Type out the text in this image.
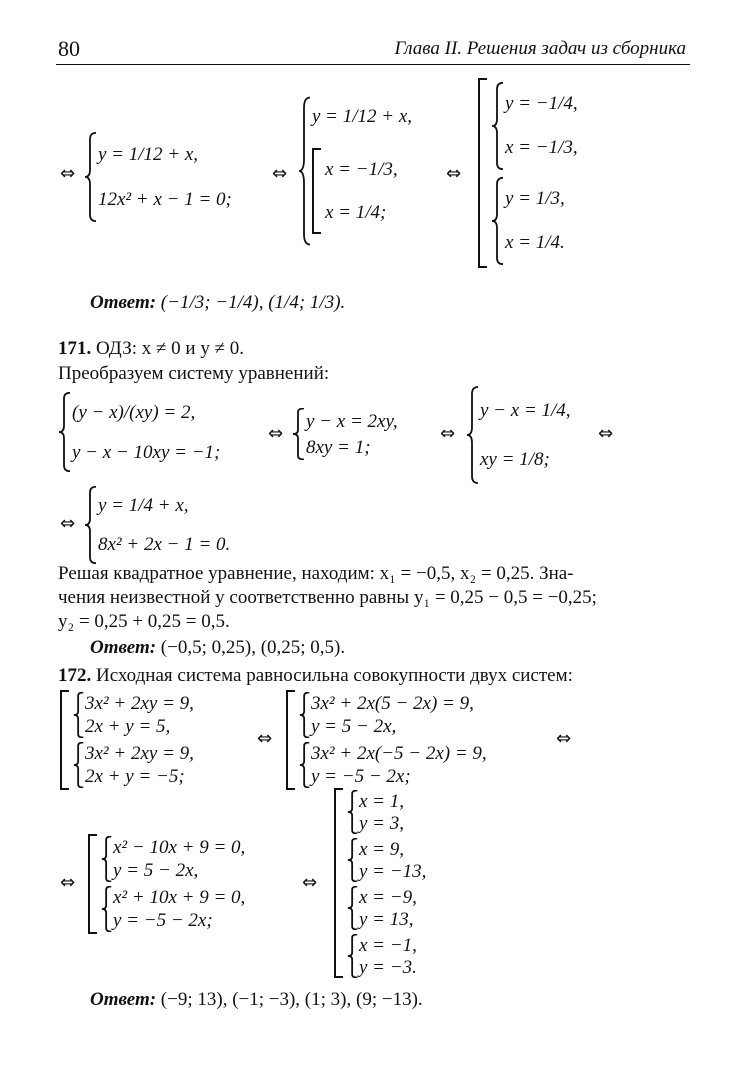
80	Глава II. Решения задач из сборника
⇔
y = 1/12 + x,
12x² + x − 1 = 0;
⇔
y = 1/12 + x,
x = −1/3,
x = 1/4;
⇔
y = −1/4,
x = −1/3,
y = 1/3,
x = 1/4.
Ответ: (−1/3; −1/4), (1/4; 1/3).
171. ОДЗ: x ≠ 0 и y ≠ 0.
Преобразуем систему уравнений:
(y − x)/(xy) = 2,
y − x − 10xy = −1;
⇔
y − x = 2xy,
8xy = 1;
⇔
y − x = 1/4,
xy = 1/8;
⇔
⇔
y = 1/4 + x,
8x² + 2x − 1 = 0.
Решая квадратное уравнение, находим: x₁ = −0,5, x₂ = 0,25. Зна-
чения неизвестной y соответственно равны y₁ = 0,25 − 0,5 = −0,25;
y₂ = 0,25 + 0,25 = 0,5.
Ответ: (−0,5; 0,25), (0,25; 0,5).
172. Исходная система равносильна совокупности двух систем:
3x² + 2xy = 9,
2x + y = 5,
3x² + 2xy = 9,
2x + y = −5;
⇔
3x² + 2x(5 − 2x) = 9,
y = 5 − 2x,
3x² + 2x(−5 − 2x) = 9,
y = −5 − 2x;
⇔
⇔
x² − 10x + 9 = 0,
y = 5 − 2x,
x² + 10x + 9 = 0,
y = −5 − 2x;
⇔
x = 1,
y = 3,
x = 9,
y = −13,
x = −9,
y = 13,
x = −1,
y = −3.
Ответ: (−9; 13), (−1; −3), (1; 3), (9; −13).
